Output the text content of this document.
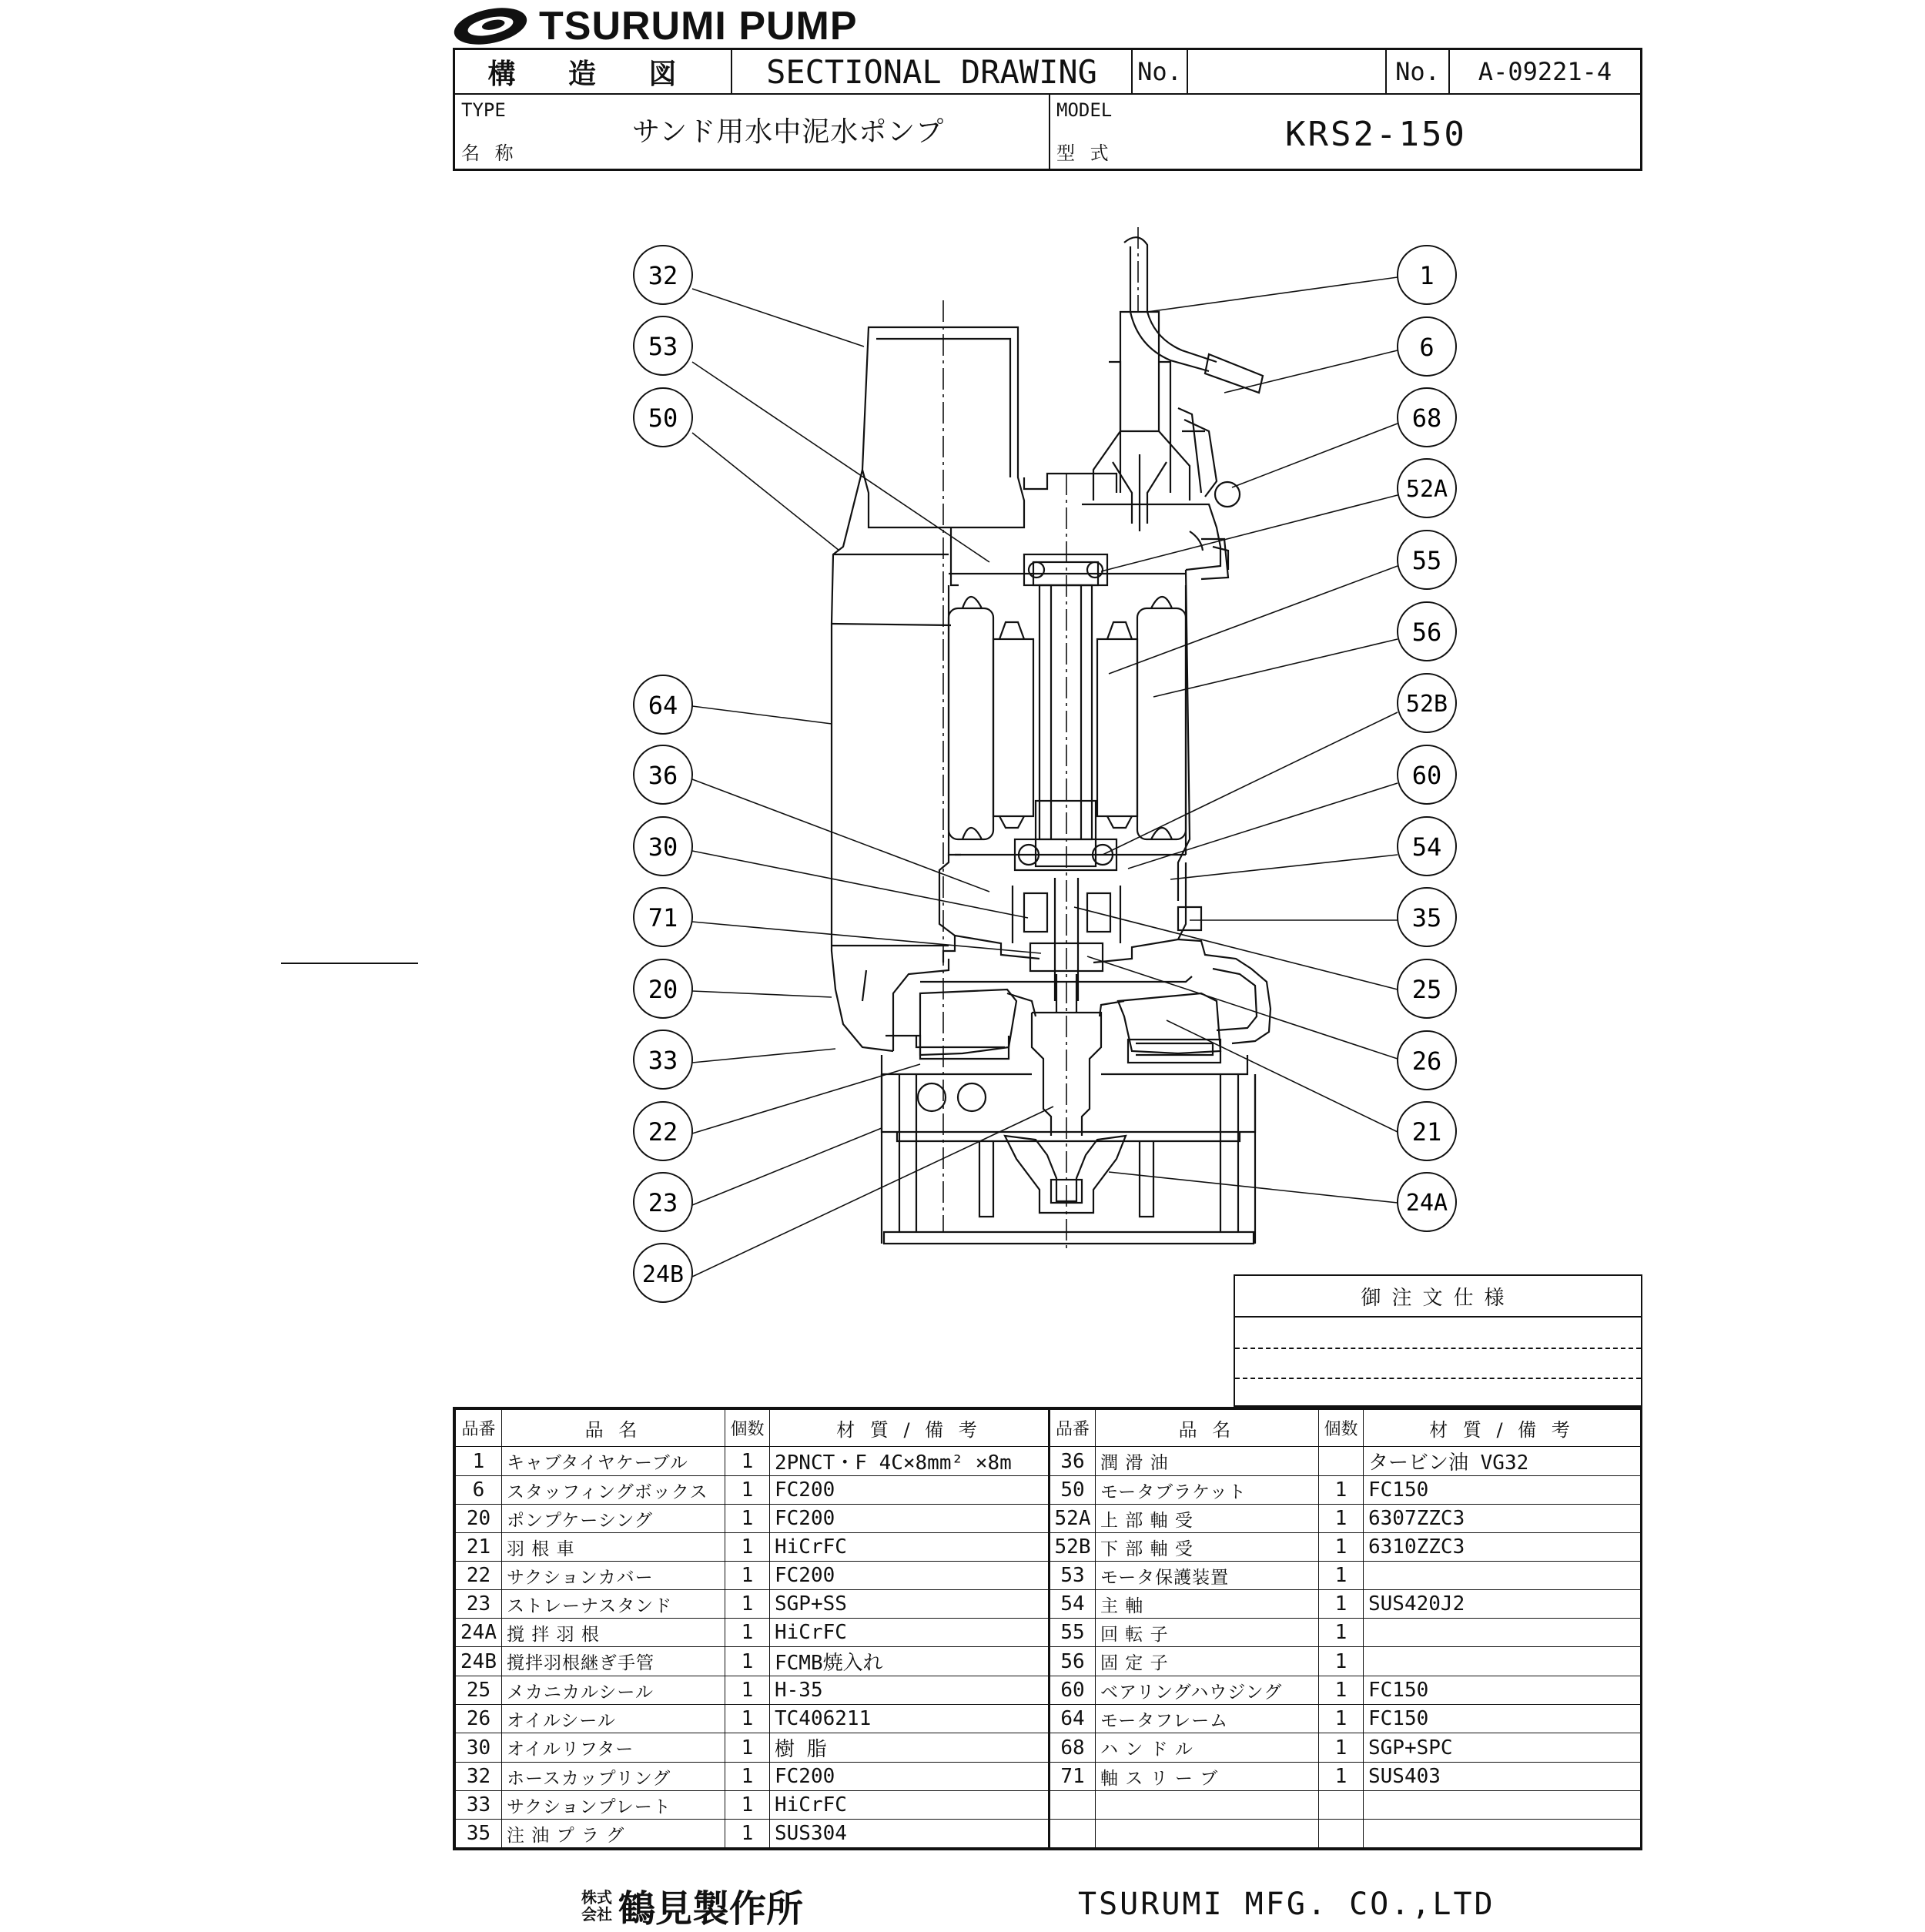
TSURUMI PUMP
構 造 図	SECTIONAL DRAWING	No.	No.	A-09221-4
TYPE
名 称
サンド用水中泥水ポンプ
MODEL
型 式	KRS2-150
32
53
50
64
36
30
71
20
33
22
23
24B
1
6
68
52A
55
56
52B
60
54
35
25
26
21
24A
御注文仕様
品番	品 名	個数	材 質 / 備 考	品番	品 名	個数	材 質 / 備 考
1	キャブタイヤケーブル	1	2PNCT・F 4C×8mm² ×8m	36	潤 滑 油		タービン油 VG32
6	スタッフィングボックス	1	FC200	50	モータブラケット	1	FC150
20	ポンプケーシング	1	FC200	52A	上 部 軸 受	1	6307ZZC3
21	羽 根 車	1	HiCrFC	52B	下 部 軸 受	1	6310ZZC3
22	サクションカバー	1	FC200	53	モータ保護装置	1	
23	ストレーナスタンド	1	SGP+SS	54	主 軸	1	SUS420J2
24A	撹 拌 羽 根	1	HiCrFC	55	回 転 子	1	
24B	撹拌羽根継ぎ手管	1	FCMB焼入れ	56	固 定 子	1	
25	メカニカルシール	1	H-35	60	ベアリングハウジング	1	FC150
26	オイルシール	1	TC406211	64	モータフレーム	1	FC150
30	オイルリフター	1	樹 脂	68	ハ ン ド ル	1	SGP+SPC
32	ホースカップリング	1	FC200	71	軸 ス リ ー ブ	1	SUS403
33	サクションプレート	1	HiCrFC				
35	注 油 プ ラ グ	1	SUS304				
株式会社 鶴見製作所	TSURUMI MFG. CO.,LTD
